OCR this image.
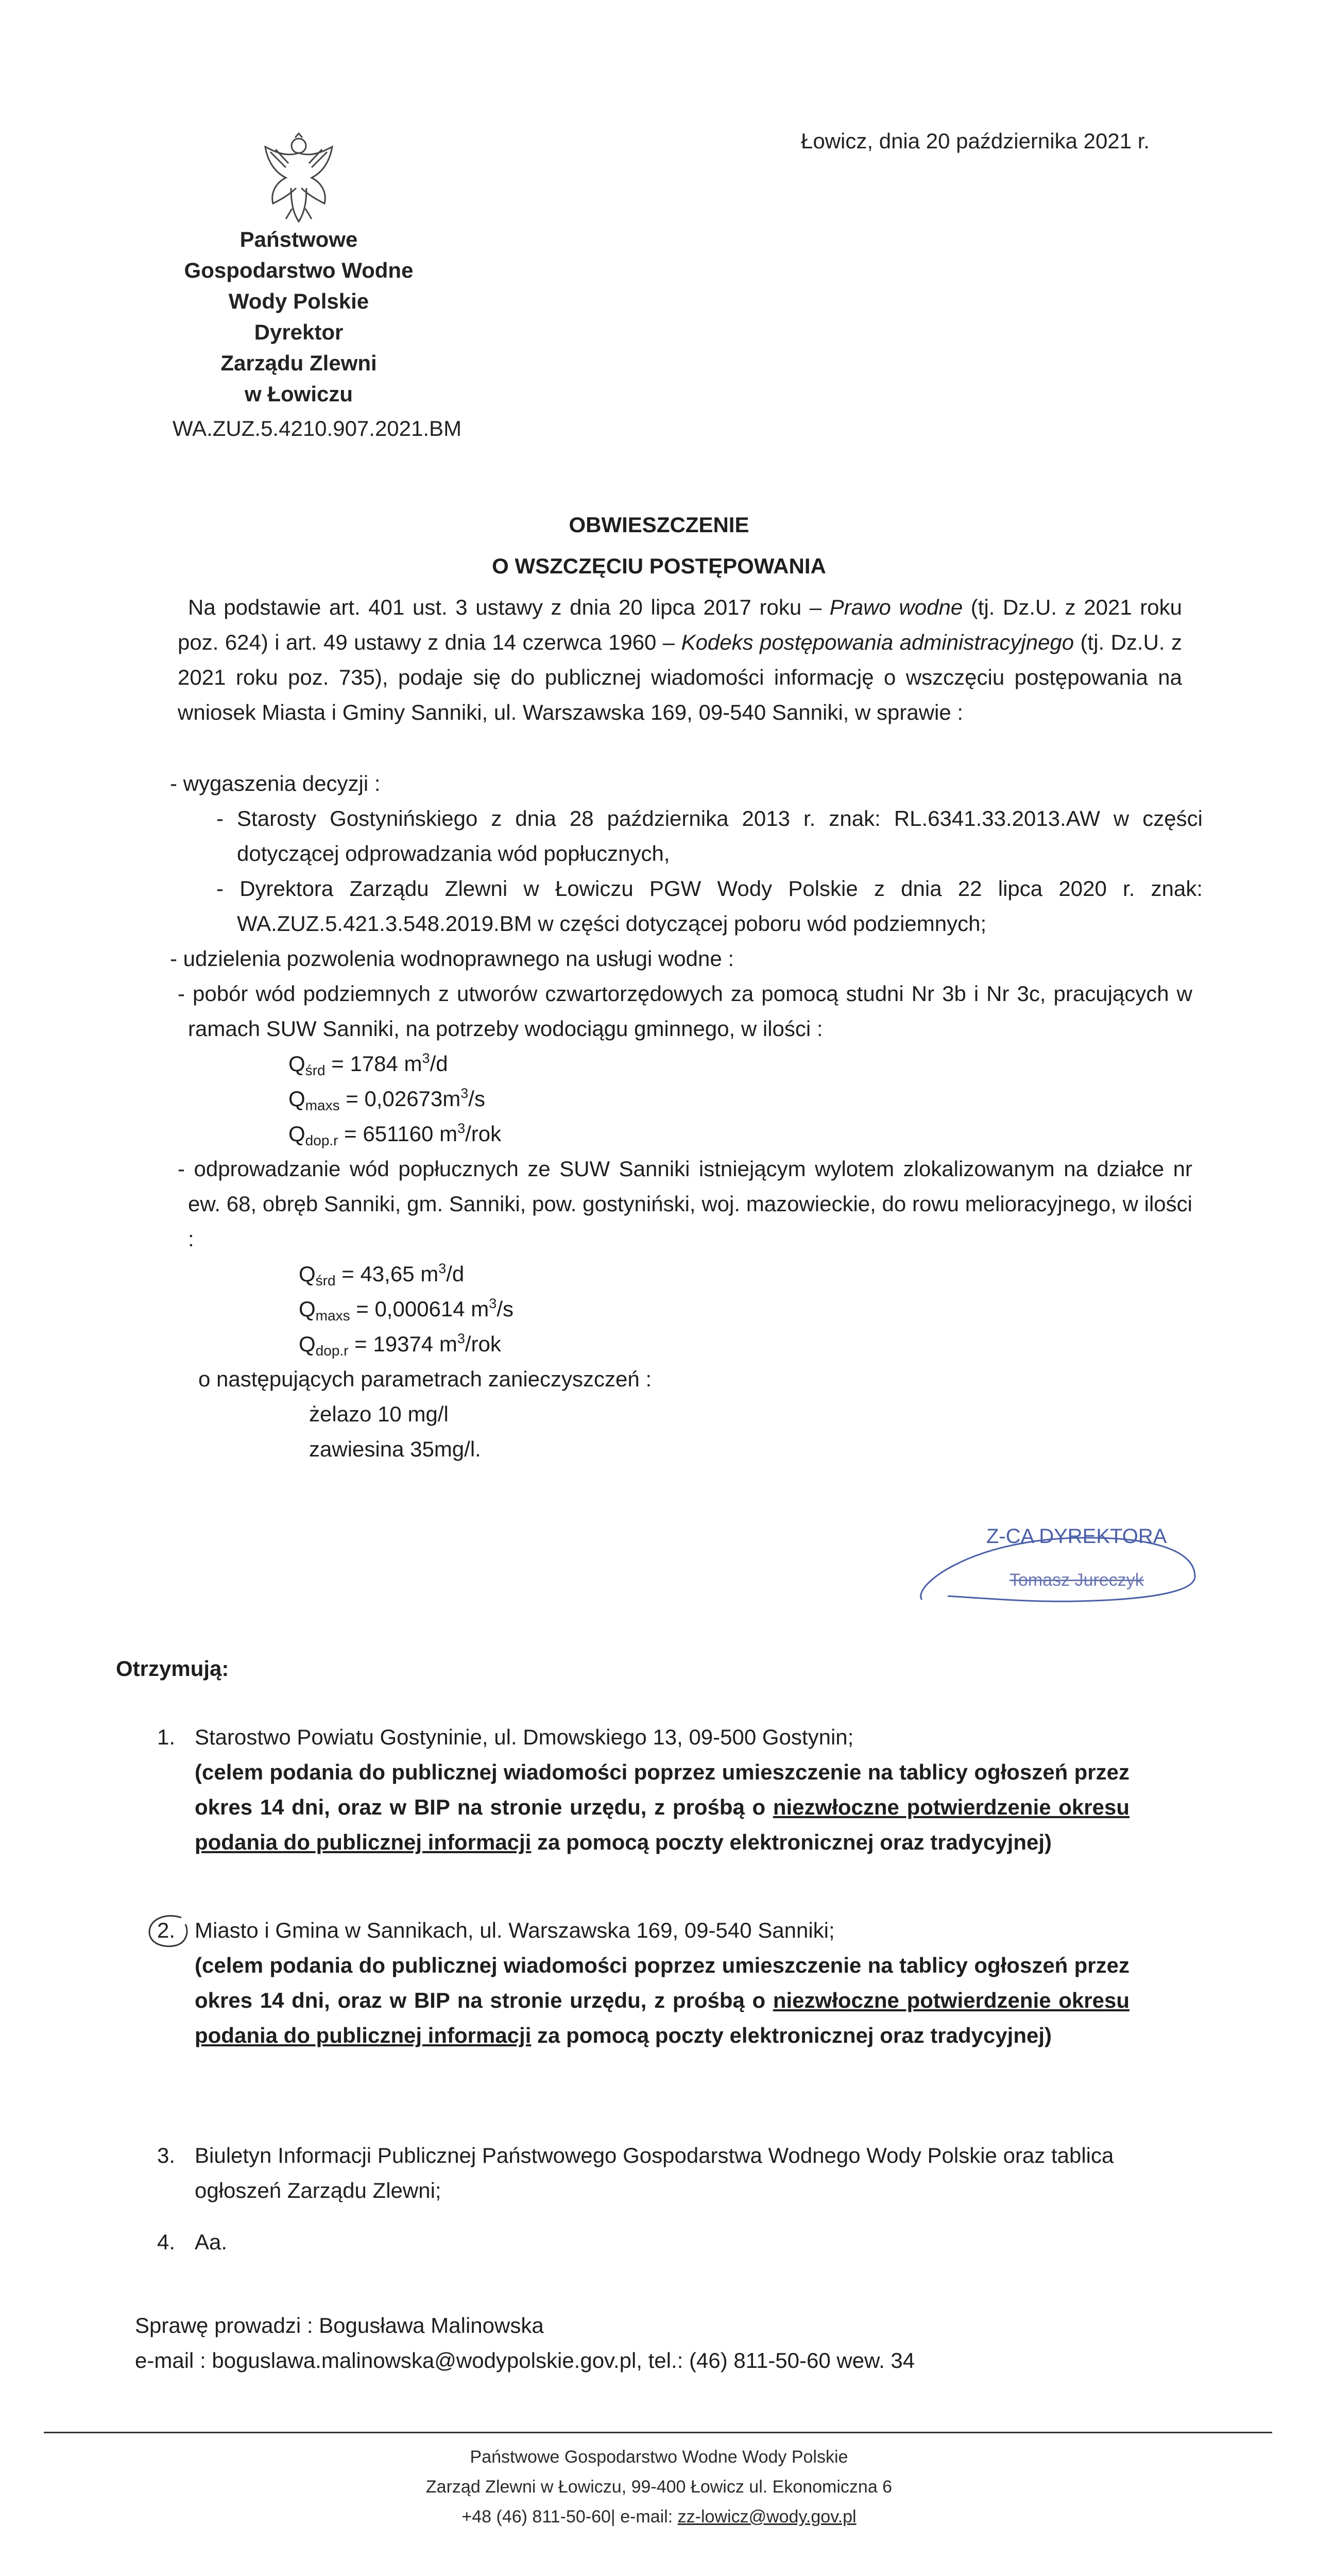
Państwowe
Gospodarstwo Wodne
Wody Polskie
Dyrektor
Zarządu Zlewni
w Łowiczu
WA.ZUZ.5.4210.907.2021.BM
Łowicz, dnia 20 października 2021 r.
OBWIESZCZENIE
O WSZCZĘCIU POSTĘPOWANIA
Na podstawie art. 401 ust. 3 ustawy z dnia 20 lipca 2017 roku – Prawo wodne (tj. Dz.U. z 2021 roku poz. 624) i art. 49 ustawy z dnia 14 czerwca 1960 – Kodeks postępowania administracyjnego (tj. Dz.U. z 2021 roku poz. 735), podaje się do publicznej wiadomości informację o wszczęciu postępowania na wniosek Miasta i Gminy Sanniki, ul. Warszawska 169, 09-540 Sanniki, w sprawie :
- wygaszenia decyzji :
- Starosty Gostynińskiego z dnia 28 października 2013 r. znak: RL.6341.33.2013.AW w części dotyczącej odprowadzania wód popłucznych,
- Dyrektora Zarządu Zlewni w Łowiczu PGW Wody Polskie z dnia 22 lipca 2020 r. znak: WA.ZUZ.5.421.3.548.2019.BM w części dotyczącej poboru wód podziemnych;
- udzielenia pozwolenia wodnoprawnego na usługi wodne :
- pobór wód podziemnych z utworów czwartorzędowych za pomocą studni Nr 3b i Nr 3c, pracujących w ramach SUW Sanniki, na potrzeby wodociągu gminnego, w ilości :
Qśrd = 1784 $m^3/d$
$Qmaxs = 0,02673m^3/s$
Qdop.r = 651160 $m^3$/rok
- odprowadzanie wód popłucznych ze SUW Sanniki istniejącym wylotem zlokalizowanym na działce nr ew. 68, obręb Sanniki, gm. Sanniki, pow. gostyniński, woj. mazowieckie, do rowu melioracyjnego, w ilości :
Qśrd = 43,65 $m^3/d$
Qmaxs = 0,000614 $m^3/s$
Qdop.r = 19374 $m^3$/rok
o następujących parametrach zanieczyszczeń :
żelazo 10 mg/l
zawiesina 35mg/l.
Z-CA DYREKTORA
Tomasz Jureczyk
Otrzymują:
1. Starostwo Powiatu Gostyninie, ul. Dmowskiego 13, 09-500 Gostynin;
(celem podania do publicznej wiadomości poprzez umieszczenie na tablicy ogłoszeń przez okres 14 dni, oraz w BIP na stronie urzędu, z prośbą o niezwłoczne potwierdzenie okresu podania do publicznej informacji za pomocą poczty elektronicznej oraz tradycyjnej)
2. Miasto i Gmina w Sannikach, ul. Warszawska 169, 09-540 Sanniki;
(celem podania do publicznej wiadomości poprzez umieszczenie na tablicy ogłoszeń przez okres 14 dni, oraz w BIP na stronie urzędu, z prośbą o niezwłoczne potwierdzenie okresu podania do publicznej informacji za pomocą poczty elektronicznej oraz tradycyjnej)
3. Biuletyn Informacji Publicznej Państwowego Gospodarstwa Wodnego Wody Polskie oraz tablica ogłoszeń Zarządu Zlewni;
4. Aa.
Sprawę prowadzi : Bogusława Malinowska
e-mail : boguslawa.malinowska@wodypolskie.gov.pl, tel.: (46) 811-50-60 wew. 34
Państwowe Gospodarstwo Wodne Wody Polskie
Zarząd Zlewni w Łowiczu, 99-400 Łowicz ul. Ekonomiczna 6
+48 (46) 811-50-60| e-mail: zz-lowicz@wody.gov.pl
